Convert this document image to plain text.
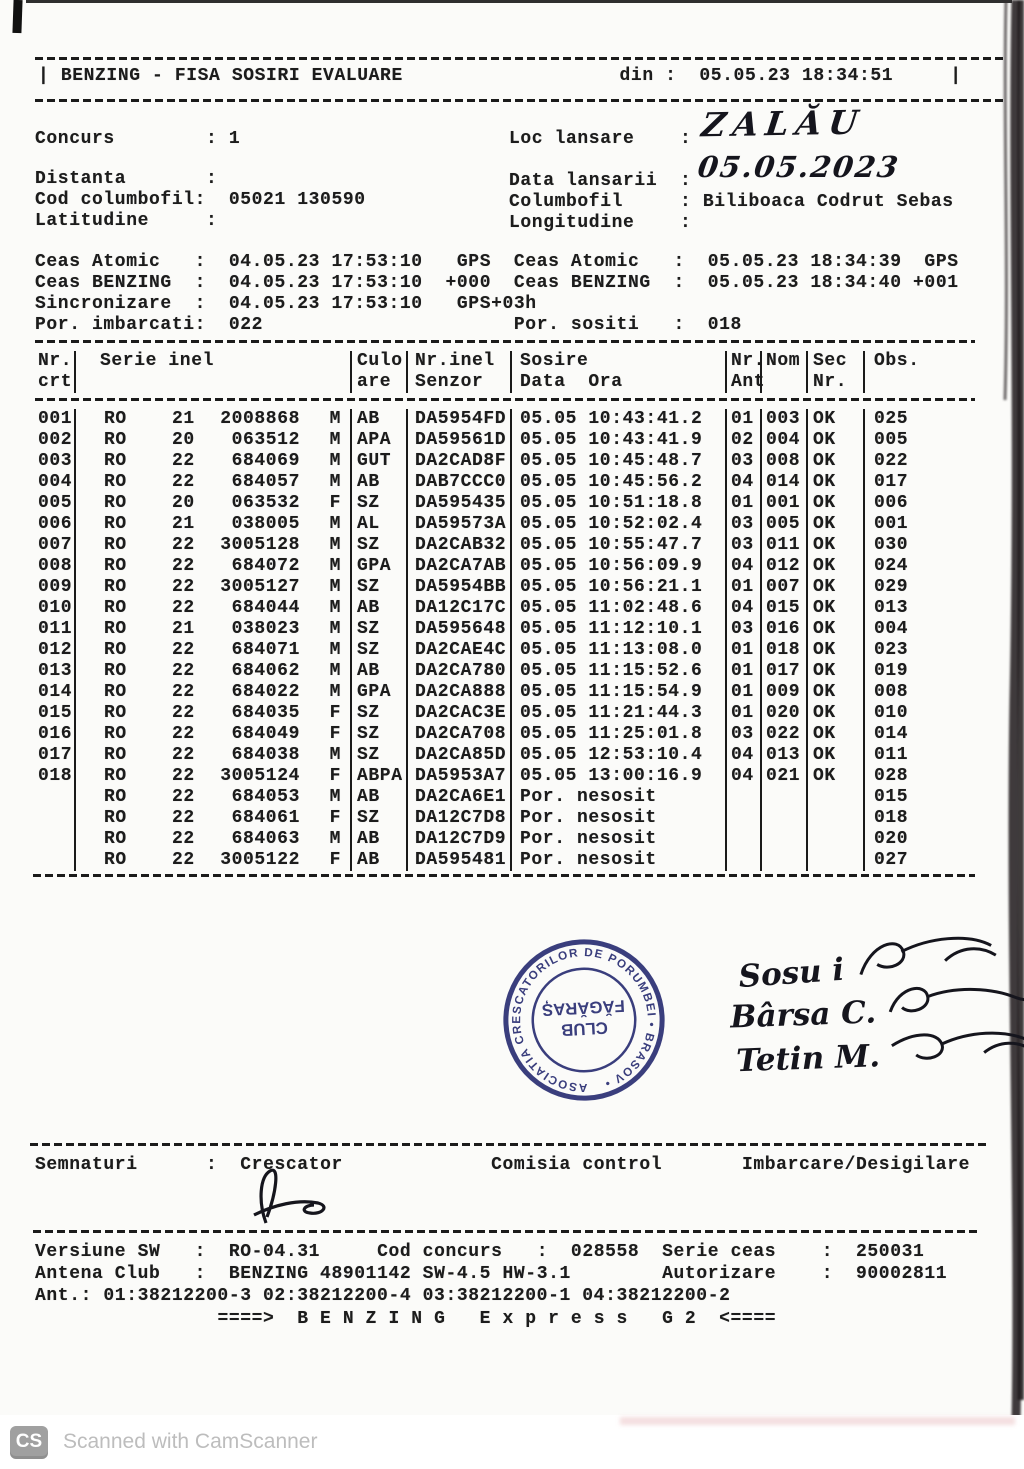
ASOCIATIA CRESCATORILOR DE PORUMBEI • BRASOV •
CLUB
FĂGĂRAȘ
ZALĂU
05.05.2023
Sosu i
Bârsa C.
Tetin M.
CS Scanned with CamScanner
| BENZING - FISA SOSIRI EVALUARE	din : 05.05.23 18:34:51	|
Concurs        : 1
Distanta       :
Cod columbofil: 05021 130590
Latitudine     :
Loc lansare    :
Data lansarii  :
Columbofil     : Biliboaca Codrut Sebas
Longitudine    :
Ceas Atomic   : 04.05.23 17:53:10   GPS Ceas Atomic   : 05.05.23 18:34:39  GPS
Ceas BENZING  : 04.05.23 17:53:10 +000 Ceas BENZING  : 05.05.23 18:34:40 +001
Sincronizare  : 04.05.23 17:53:10   GPS+03h
Por. imbarcati: 022	Por. sositi   : 018
Semnaturi	: Crescator	Comisia control	Imbarcare/Desigilare
Versiune SW   : RO-04.31	Cod concurs   : 028558 Serie ceas    : 250031
Antena Club   : BENZING 48901142 SW-4.5 HW-3.1	Autorizare    : 90002811
Ant.: 01:38212200-3 02:38212200-4 03:38212200-1 04:38212200-2
====>  B E N Z I N G   E x p r e s s   G 2  <====
Nr.
crt
Serie inel	Culo
are
Nr.inel
Senzor
Sosire
Data  Ora
Nr.
Ant
Nom Sec
Nr.
Obs.
001 RO	21	2008868 M AB	DA5954FD 05.05 10:43:41.2	01 003 OK	025
002 RO	20	063512 M APA	DA59561D 05.05 10:43:41.9	02 004 OK	005
003 RO	22	684069 M GUT	DA2CAD8F 05.05 10:45:48.7	03 008 OK	022
004 RO	22	684057 M AB	DAB7CCC0 05.05 10:45:56.2	04 014 OK	017
005 RO	20	063532 F SZ	DA595435 05.05 10:51:18.8	01 001 OK	006
006 RO	21	038005 M AL	DA59573A 05.05 10:52:02.4	03 005 OK	001
007 RO	22	3005128 M SZ	DA2CAB32 05.05 10:55:47.7	03 011 OK	030
008 RO	22	684072 M GPA	DA2CA7AB 05.05 10:56:09.9	04 012 OK	024
009 RO	22	3005127 M SZ	DA5954BB 05.05 10:56:21.1	01 007 OK	029
010 RO	22	684044 M AB	DA12C17C 05.05 11:02:48.6	04 015 OK	013
011 RO	21	038023 M SZ	DA595648 05.05 11:12:10.1	03 016 OK	004
012 RO	22	684071 M SZ	DA2CAE4C 05.05 11:13:08.0	01 018 OK	023
013 RO	22	684062 M AB	DA2CA780 05.05 11:15:52.6	01 017 OK	019
014 RO	22	684022 M GPA	DA2CA888 05.05 11:15:54.9	01 009 OK	008
015 RO	22	684035 F SZ	DA2CAC3E 05.05 11:21:44.3	01 020 OK	010
016 RO	22	684049 F SZ	DA2CA708 05.05 11:25:01.8	03 022 OK	014
017 RO	22	684038 M SZ	DA2CA85D 05.05 12:53:10.4	04 013 OK	011
018 RO	22	3005124 F ABPA DA5953A7 05.05 13:00:16.9	04 021 OK	028
RO	22	684053 M AB	DA2CA6E1 Por. nesosit	015
RO	22	684061 F SZ	DA12C7D8 Por. nesosit	018
RO	22	684063 M AB	DA12C7D9 Por. nesosit	020
RO	22	3005122 F AB	DA595481 Por. nesosit	027
